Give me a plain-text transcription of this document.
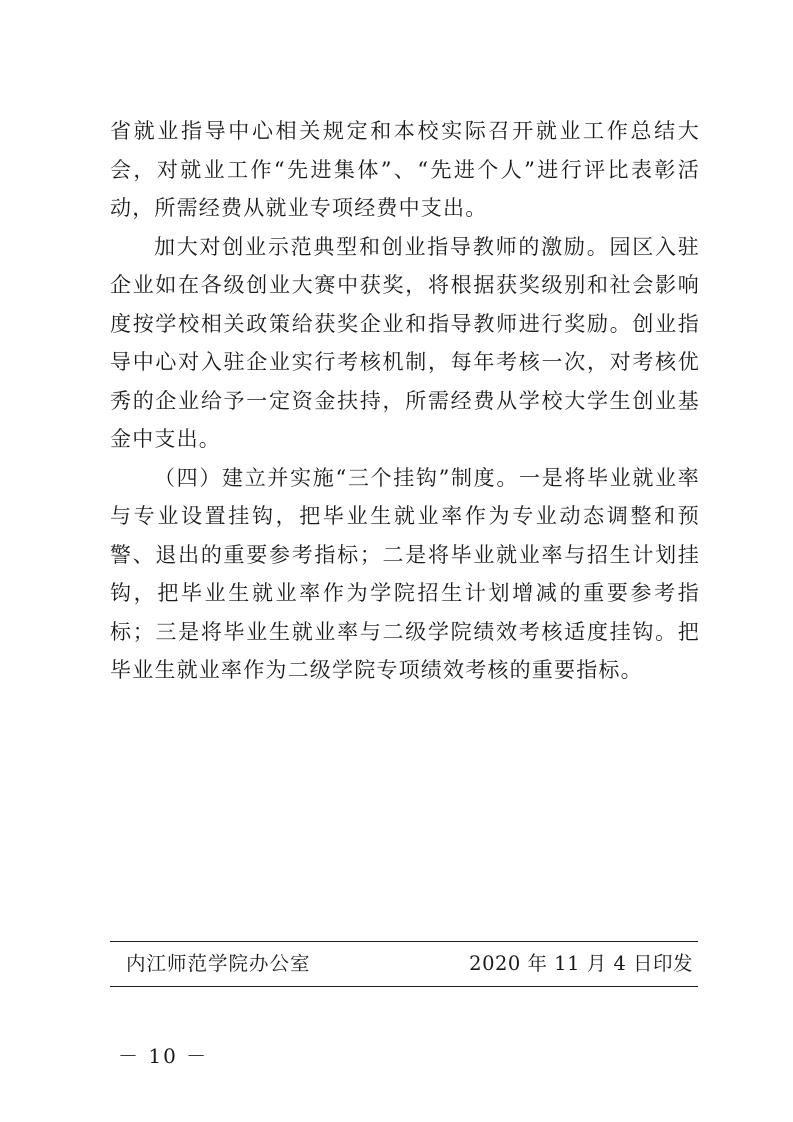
省就业指导中心相关规定和本校实际召开就业工作总结大会，对就业工作“先进集体”、“先进个人”进行评比表彰活动，所需经费从就业专项经费中支出。

加大对创业示范典型和创业指导教师的激励。园区入驻企业如在各级创业大赛中获奖，将根据获奖级别和社会影响度按学校相关政策给获奖企业和指导教师进行奖励。创业指导中心对入驻企业实行考核机制，每年考核一次，对考核优秀的企业给予一定资金扶持，所需经费从学校大学生创业基金中支出。

（四）建立并实施“三个挂钩”制度。一是将毕业就业率与专业设置挂钩，把毕业生就业率作为专业动态调整和预警、退出的重要参考指标；二是将毕业就业率与招生计划挂钩，把毕业生就业率作为学院招生计划增减的重要参考指标；三是将毕业生就业率与二级学院绩效考核适度挂钩。把毕业生就业率作为二级学院专项绩效考核的重要指标。

内江师范学院办公室	2020 年 11 月 4 日印发
－ 10 －
